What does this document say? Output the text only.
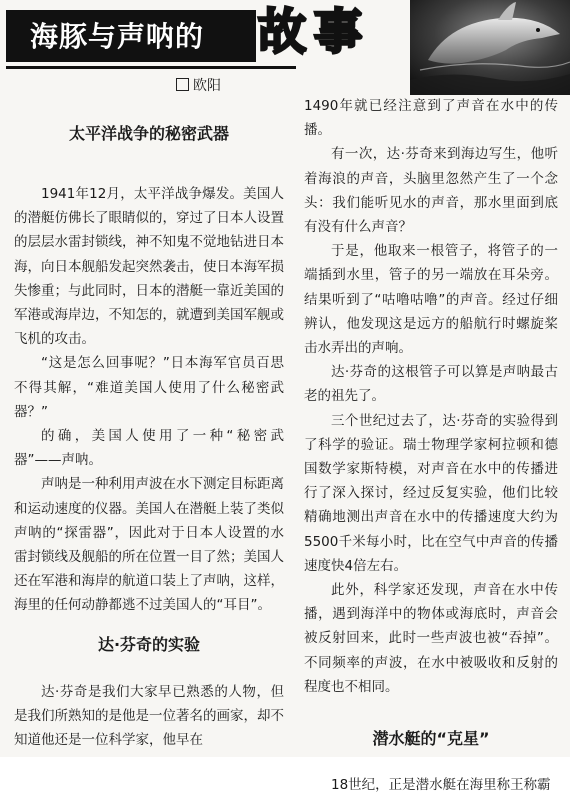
海豚与声呐的 故事
欧阳
太平洋战争的秘密武器

1941年12月，太平洋战争爆发。美国人的潜艇仿佛长了眼睛似的，穿过了日本人设置的层层水雷封锁线，神不知鬼不觉地钻进日本海，向日本舰船发起突然袭击，使日本海军损失惨重；与此同时，日本的潜艇一靠近美国的军港或海岸边，不知怎的，就遭到美国军舰或飞机的攻击。

“这是怎么回事呢？”日本海军官员百思不得其解，“难道美国人使用了什么秘密武器？”

的确，美国人使用了一种“秘密武器”——声呐。

声呐是一种利用声波在水下测定目标距离和运动速度的仪器。美国人在潜艇上装了类似声呐的“探雷器”，因此对于日本人设置的水雷封锁线及舰船的所在位置一目了然；美国人还在军港和海岸的航道口装上了声呐，这样，海里的任何动静都逃不过美国人的“耳目”。

达·芬奇的实验

达·芬奇是我们大家早已熟悉的人物，但是我们所熟知的是他是一位著名的画家，却不知道他还是一位科学家，他早在

1490年就已经注意到了声音在水中的传播。

有一次，达·芬奇来到海边写生，他听着海浪的声音，头脑里忽然产生了一个念头：我们能听见水的声音，那水里面到底有没有什么声音？

于是，他取来一根管子，将管子的一端插到水里，管子的另一端放在耳朵旁。结果听到了“咕噜咕噜”的声音。经过仔细辨认，他发现这是远方的船航行时螺旋桨击水弄出的声响。

达·芬奇的这根管子可以算是声呐最古老的祖先了。

三个世纪过去了，达·芬奇的实验得到了科学的验证。瑞士物理学家柯拉顿和德国数学家斯特模，对声音在水中的传播进行了深入探讨，经过反复实验，他们比较精确地测出声音在水中的传播速度大约为5500千米每小时，比在空气中声音的传播速度快4倍左右。

此外，科学家还发现，声音在水中传播，遇到海洋中的物体或海底时，声音会被反射回来，此时一些声波也被“吞掉”。不同频率的声波，在水中被吸收和反射的程度也不相同。

潜水艇的“克星”

18世纪，正是潜水艇在海里称王称霸
